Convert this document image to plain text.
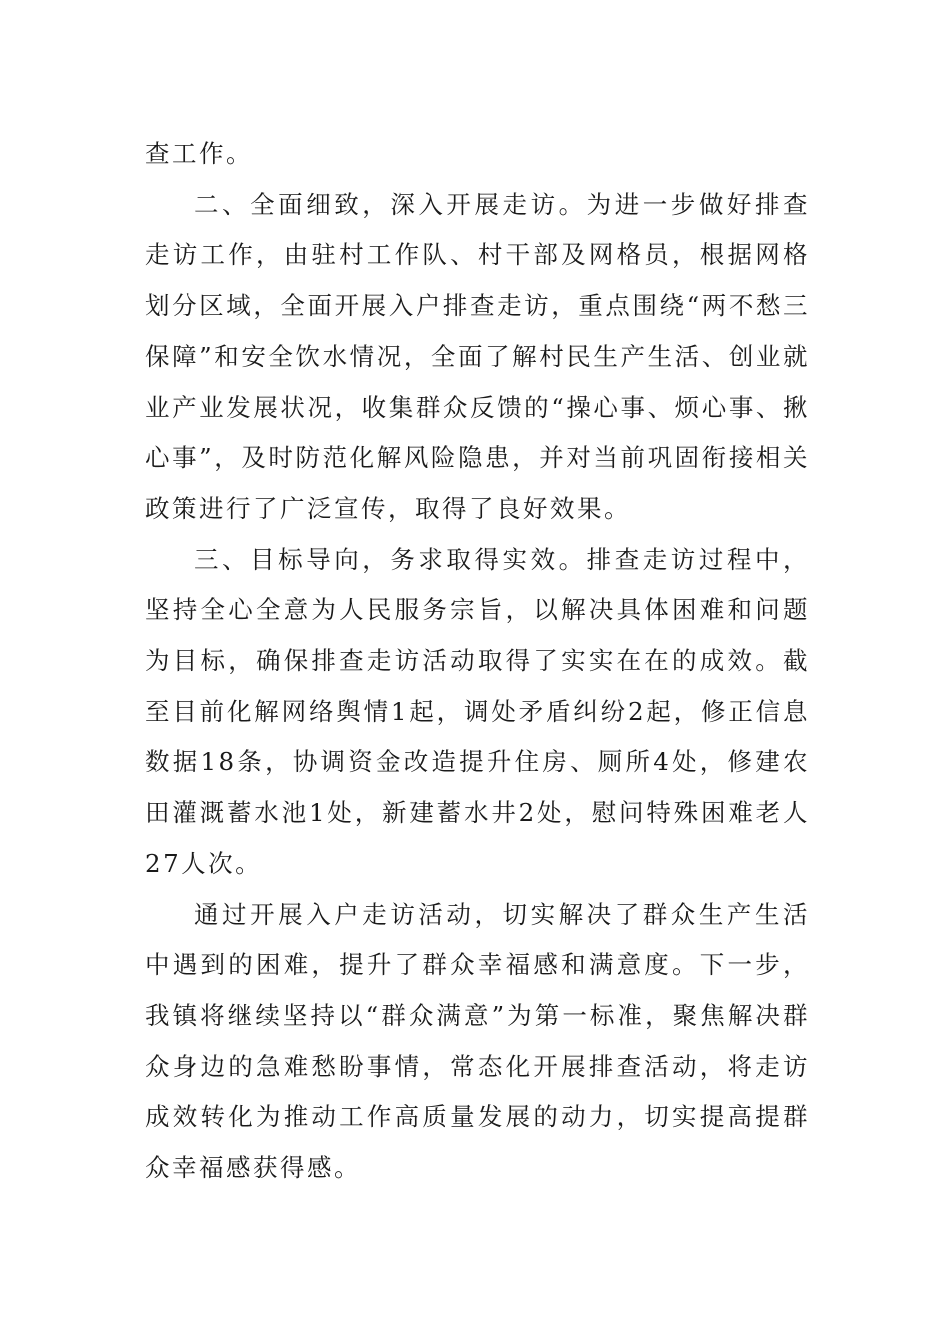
查工作。

二、全面细致，深入开展走访。为进一步做好排查走访工作，由驻村工作队、村干部及网格员，根据网格划分区域，全面开展入户排查走访，重点围绕“两不愁三保障”和安全饮水情况，全面了解村民生产生活、创业就业产业发展状况，收集群众反馈的“操心事、烦心事、揪心事”，及时防范化解风险隐患，并对当前巩固衔接相关政策进行了广泛宣传，取得了良好效果。

三、目标导向，务求取得实效。排查走访过程中，坚持全心全意为人民服务宗旨，以解决具体困难和问题为目标，确保排查走访活动取得了实实在在的成效。截至目前化解网络舆情1起，调处矛盾纠纷2起，修正信息数据18条，协调资金改造提升住房、厕所4处，修建农田灌溉蓄水池1处，新建蓄水井2处，慰问特殊困难老人27人次。

通过开展入户走访活动，切实解决了群众生产生活中遇到的困难，提升了群众幸福感和满意度。下一步，我镇将继续坚持以“群众满意”为第一标准，聚焦解决群众身边的急难愁盼事情，常态化开展排查活动，将走访成效转化为推动工作高质量发展的动力，切实提高提群众幸福感获得感。
